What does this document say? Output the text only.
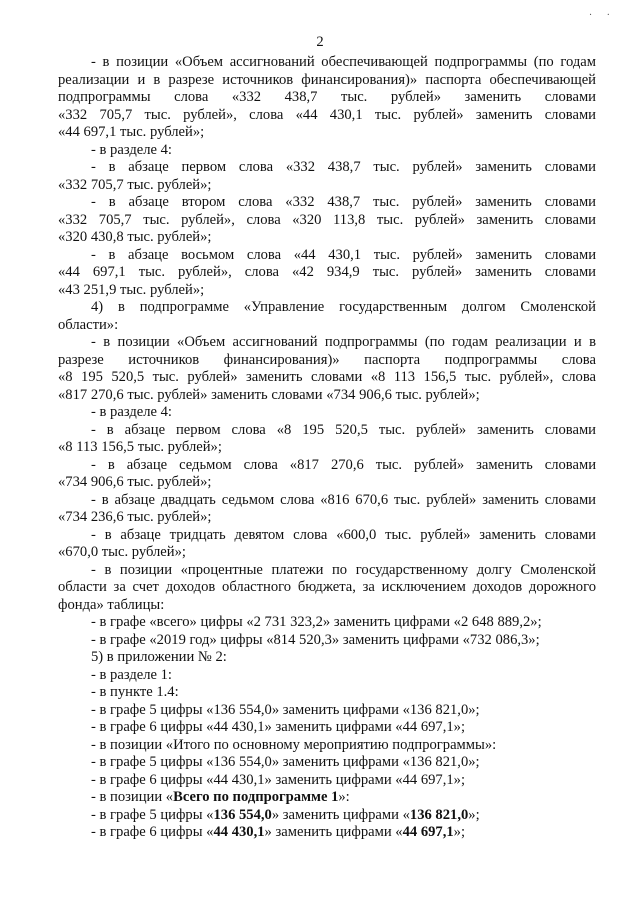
· ·
2
- в позиции «Объем ассигнований обеспечивающей подпрограммы (по годам
реализации и в разрезе источников финансирования)» паспорта обеспечивающей
подпрограммы слова «332 438,7 тыс. рублей» заменить словами
«332 705,7 тыс. рублей», слова «44 430,1 тыс. рублей» заменить словами
«44 697,1 тыс. рублей»;
- в разделе 4:
- в абзаце первом слова «332 438,7 тыс. рублей» заменить словами
«332 705,7 тыс. рублей»;
- в абзаце втором слова «332 438,7 тыс. рублей» заменить словами
«332 705,7 тыс. рублей», слова «320 113,8 тыс. рублей» заменить словами
«320 430,8 тыс. рублей»;
- в абзаце восьмом слова «44 430,1 тыс. рублей» заменить словами
«44 697,1 тыс. рублей», слова «42 934,9 тыс. рублей» заменить словами
«43 251,9 тыс. рублей»;
4) в подпрограмме «Управление государственным долгом Смоленской
области»:
- в позиции «Объем ассигнований подпрограммы (по годам реализации и в
разрезе источников финансирования)» паспорта подпрограммы слова
«8 195 520,5 тыс. рублей» заменить словами «8 113 156,5 тыс. рублей», слова
«817 270,6 тыс. рублей» заменить словами «734 906,6 тыс. рублей»;
- в разделе 4:
- в абзаце первом слова «8 195 520,5 тыс. рублей» заменить словами
«8 113 156,5 тыс. рублей»;
- в абзаце седьмом слова «817 270,6 тыс. рублей» заменить словами
«734 906,6 тыс. рублей»;
- в абзаце двадцать седьмом слова «816 670,6 тыс. рублей» заменить словами
«734 236,6 тыс. рублей»;
- в абзаце тридцать девятом слова «600,0 тыс. рублей» заменить словами
«670,0 тыс. рублей»;
- в позиции «процентные платежи по государственному долгу Смоленской
области за счет доходов областного бюджета, за исключением доходов дорожного
фонда» таблицы:
- в графе «всего» цифры «2 731 323,2» заменить цифрами «2 648 889,2»;
- в графе «2019 год» цифры «814 520,3» заменить цифрами «732 086,3»;
5) в приложении № 2:
- в разделе 1:
- в пункте 1.4:
- в графе 5 цифры «136 554,0» заменить цифрами «136 821,0»;
- в графе 6 цифры «44 430,1» заменить цифрами «44 697,1»;
- в позиции «Итого по основному мероприятию подпрограммы»:
- в графе 5 цифры «136 554,0» заменить цифрами «136 821,0»;
- в графе 6 цифры «44 430,1» заменить цифрами «44 697,1»;
- в позиции «Всего по подпрограмме 1»:
- в графе 5 цифры «136 554,0» заменить цифрами «136 821,0»;
- в графе 6 цифры «44 430,1» заменить цифрами «44 697,1»;
